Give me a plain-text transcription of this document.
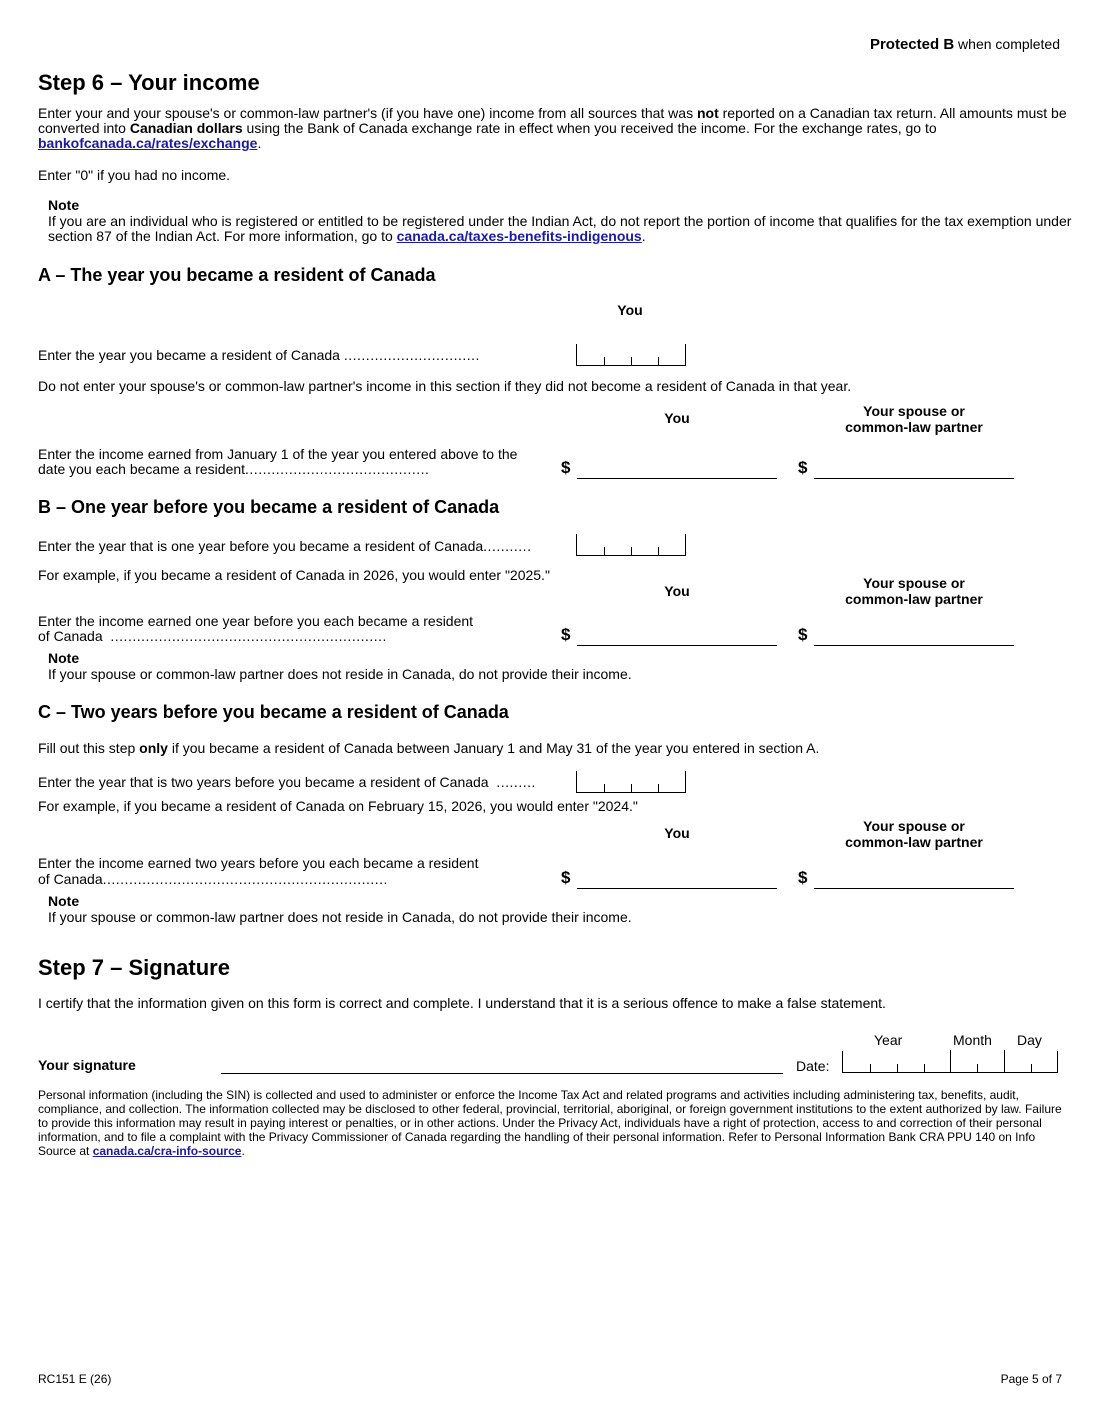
Protected B when completed
Step 6 – Your income
Enter your and your spouse's or common-law partner's (if you have one) income from all sources that was not reported on a Canadian tax return. All amounts must be converted into Canadian dollars using the Bank of Canada exchange rate in effect when you received the income. For the exchange rates, go to bankofcanada.ca/rates/exchange.
Enter "0" if you had no income.
Note
If you are an individual who is registered or entitled to be registered under the Indian Act, do not report the portion of income that qualifies for the tax exemption under section 87 of the Indian Act. For more information, go to canada.ca/taxes-benefits-indigenous.
A – The year you became a resident of Canada
You
Enter the year you became a resident of Canada ...............................
Do not enter your spouse's or common-law partner's income in this section if they did not become a resident of Canada in that year.
You	Your spouse or
common-law partner
Enter the income earned from January 1 of the year you entered above to the
date you each became a resident..........................................	$	$
B – One year before you became a resident of Canada
Enter the year that is one year before you became a resident of Canada...........
For example, if you became a resident of Canada in 2026, you would enter "2025."
You	Your spouse or
common-law partner
Enter the income earned one year before you each became a resident
of Canada ...............................................................	$	$
Note
If your spouse or common-law partner does not reside in Canada, do not provide their income.
C – Two years before you became a resident of Canada
Fill out this step only if you became a resident of Canada between January 1 and May 31 of the year you entered in section A.
Enter the year that is two years before you became a resident of Canada .........
For example, if you became a resident of Canada on February 15, 2026, you would enter "2024."
You	Your spouse or
common-law partner
Enter the income earned two years before you each became a resident
of Canada.................................................................	$	$
Note
If your spouse or common-law partner does not reside in Canada, do not provide their income.
Step 7 – Signature
I certify that the information given on this form is correct and complete. I understand that it is a serious offence to make a false statement.
Year	Month Day
Your signature	Date:
Personal information (including the SIN) is collected and used to administer or enforce the Income Tax Act and related programs and activities including administering tax, benefits, audit, compliance, and collection. The information collected may be disclosed to other federal, provincial, territorial, aboriginal, or foreign government institutions to the extent authorized by law. Failure to provide this information may result in paying interest or penalties, or in other actions. Under the Privacy Act, individuals have a right of protection, access to and correction of their personal information, and to file a complaint with the Privacy Commissioner of Canada regarding the handling of their personal information. Refer to Personal Information Bank CRA PPU 140 on Info Source at canada.ca/cra-info-source.
RC151 E (26)	Page 5 of 7
